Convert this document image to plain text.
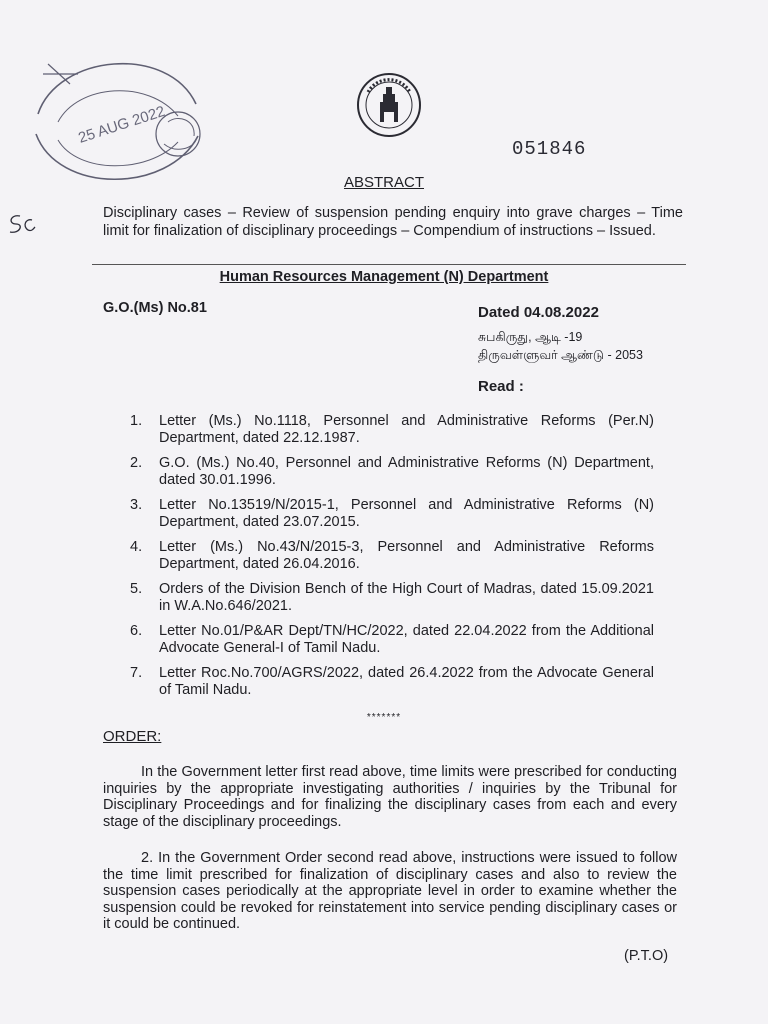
25 AUG 2022
051846
ABSTRACT
Disciplinary cases – Review of suspension pending enquiry into grave charges – Time limit for finalization of disciplinary proceedings – Compendium of instructions – Issued.
Human Resources Management (N) Department
G.O.(Ms) No.81	Dated 04.08.2022
சுபகிருது, ஆடி -19
திருவள்ளுவர் ஆண்டு - 2053
Read :
1. Letter (Ms.) No.1118, Personnel and Administrative Reforms (Per.N) Department, dated 22.12.1987.
2. G.O. (Ms.) No.40, Personnel and Administrative Reforms (N) Department, dated 30.01.1996.
3. Letter No.13519/N/2015-1, Personnel and Administrative Reforms (N) Department, dated 23.07.2015.
4. Letter (Ms.) No.43/N/2015-3, Personnel and Administrative Reforms Department, dated 26.04.2016.
5. Orders of the Division Bench of the High Court of Madras, dated 15.09.2021 in W.A.No.646/2021.
6. Letter No.01/P&AR Dept/TN/HC/2022, dated 22.04.2022 from the Additional Advocate General-I of Tamil Nadu.
7. Letter Roc.No.700/AGRS/2022, dated 26.4.2022 from the Advocate General of Tamil Nadu.
*******
ORDER:

In the Government letter first read above, time limits were prescribed for conducting inquiries by the appropriate investigating authorities / inquiries by the Tribunal for Disciplinary Proceedings and for finalizing the disciplinary cases from each and every stage of the disciplinary proceedings.

2. In the Government Order second read above, instructions were issued to follow the time limit prescribed for finalization of disciplinary cases and also to review the suspension cases periodically at the appropriate level in order to examine whether the suspension could be revoked for reinstatement into service pending disciplinary cases or it could be continued.

(P.T.O)
